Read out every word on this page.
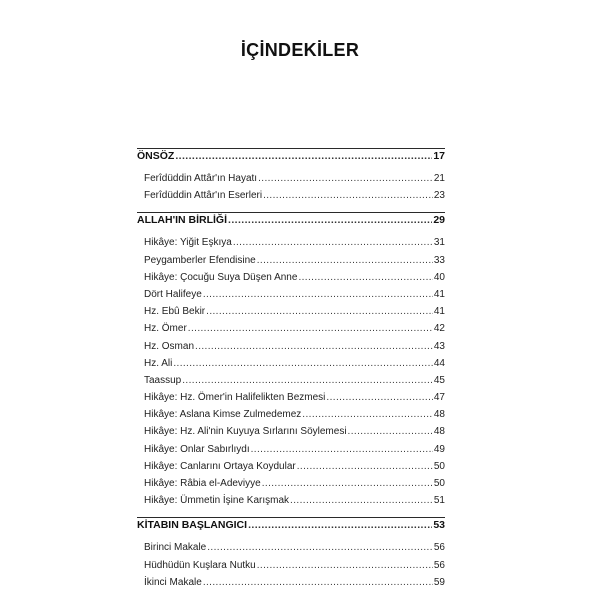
İÇİNDEKİLER
ÖNSÖZ .....	17
Ferîdüddin Attâr'ın Hayatı .....	21
Ferîdüddin Attâr'ın Eserleri .....	23
ALLAH'IN BİRLİĞİ .....	29
Hikâye: Yiğit Eşkıya .....	31
Peygamberler Efendisine .....	33
Hikâye: Çocuğu Suya Düşen Anne .....	40
Dört Halifeye .....	41
Hz. Ebû Bekir .....	41
Hz. Ömer .....	42
Hz. Osman .....	43
Hz. Ali .....	44
Taassup .....	45
Hikâye: Hz. Ömer'in Halifelikten Bezmesi .....	47
Hikâye: Aslana Kimse Zulmedemez .....	48
Hikâye: Hz. Ali'nin Kuyuya Sırlarını Söylemesi .....	48
Hikâye: Onlar Sabırlıydı .....	49
Hikâye: Canlarını Ortaya Koydular .....	50
Hikâye: Râbia el-Adeviyye .....	50
Hikâye: Ümmetin İşine Karışmak .....	51
KİTABIN BAŞLANGICI .....	53
Birinci Makale .....	56
Hüdhüdün Kuşlara Nutku .....	56
İkinci Makale .....	59
